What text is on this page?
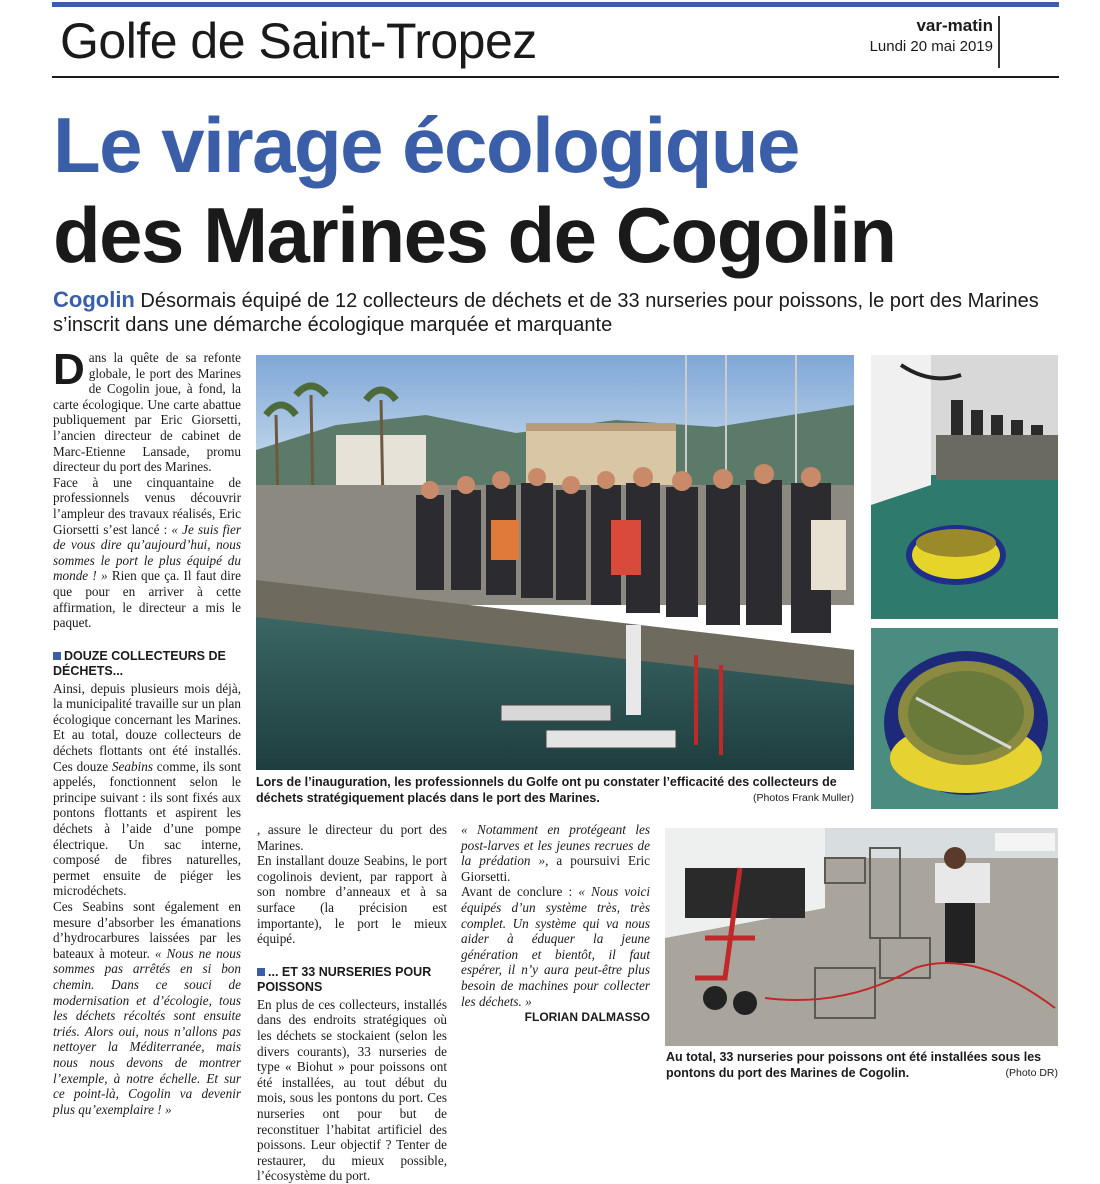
Golfe de Saint-Tropez	var-matin
Lundi 20 mai 2019
Le virage écologique
des Marines de Cogolin
Cogolin Désormais équipé de 12 collecteurs de déchets et de 33 nurseries pour poissons, le port des Marines s’inscrit dans une démarche écologique marquée et marquante

Dans la quête de sa refonte globale, le port des Marines de Cogolin joue, à fond, la carte écologique. Une carte abattue publiquement par Eric Giorsetti, l’ancien directeur de cabinet de Marc-Etienne Lansade, promu directeur du port des Marines.

Face à une cinquantaine de professionnels venus découvrir l’ampleur des travaux réalisés, Eric Giorsetti s’est lancé : « Je suis fier de vous dire qu’aujourd’hui, nous sommes le port le plus équipé du monde ! » Rien que ça. Il faut dire que pour en arriver à cette affirmation, le directeur a mis le paquet.

DOUZE COLLECTEURS DE DÉCHETS...

Ainsi, depuis plusieurs mois déjà, la municipalité travaille sur un plan écologique concernant les Marines. Et au total, douze collecteurs de déchets flottants ont été installés. Ces douze Seabins comme, ils sont appelés, fonctionnent selon le principe suivant : ils sont fixés aux pontons flottants et aspirent les déchets à l’aide d’une pompe électrique. Un sac interne, composé de fibres naturelles, permet ensuite de piéger les microdéchets.

Ces Seabins sont également en mesure d’absorber les émanations d’hydrocarbures laissées par les bateaux à moteur. « Nous ne nous sommes pas arrêtés en si bon chemin. Dans ce souci de modernisation et d’écologie, tous les déchets récoltés sont ensuite triés. Alors oui, nous n’allons pas nettoyer la Méditerranée, mais nous nous devons de montrer l’exemple, à notre échelle. Et sur ce point-là, Cogolin va devenir plus qu’exemplaire ! »

, assure le directeur du port des Marines.

En installant douze Seabins, le port cogolinois devient, par rapport à son nombre d’anneaux et à sa surface (la précision est importante), le port le mieux équipé.

... ET 33 NURSERIES POUR POISSONS

En plus de ces collecteurs, installés dans des endroits stratégiques où les déchets se stockaient (selon les divers courants), 33 nurseries de type « Biohut » pour poissons ont été installées, au tout début du mois, sous les pontons du port. Ces nurseries ont pour but de reconstituer l’habitat artificiel des poissons. Leur objectif ? Tenter de restaurer, du mieux possible, l’écosystème du port.

« Notamment en protégeant les post-larves et les jeunes recrues de la prédation », a poursuivi Eric Giorsetti.

Avant de conclure : « Nous voici équipés d’un système très, très complet. Un système qui va nous aider à éduquer la jeune génération et bientôt, il faut espérer, il n’y aura peut-être plus besoin de machines pour collecter les déchets. »

FLORIAN DALMASSO
Lors de l’inauguration, les professionnels du Golfe ont pu constater l’efficacité des collecteurs de déchets stratégiquement placés dans le port des Marines.	(Photos Frank Muller)
Au total, 33 nurseries pour poissons ont été installées sous les pontons du port des Marines de Cogolin.	(Photo DR)
